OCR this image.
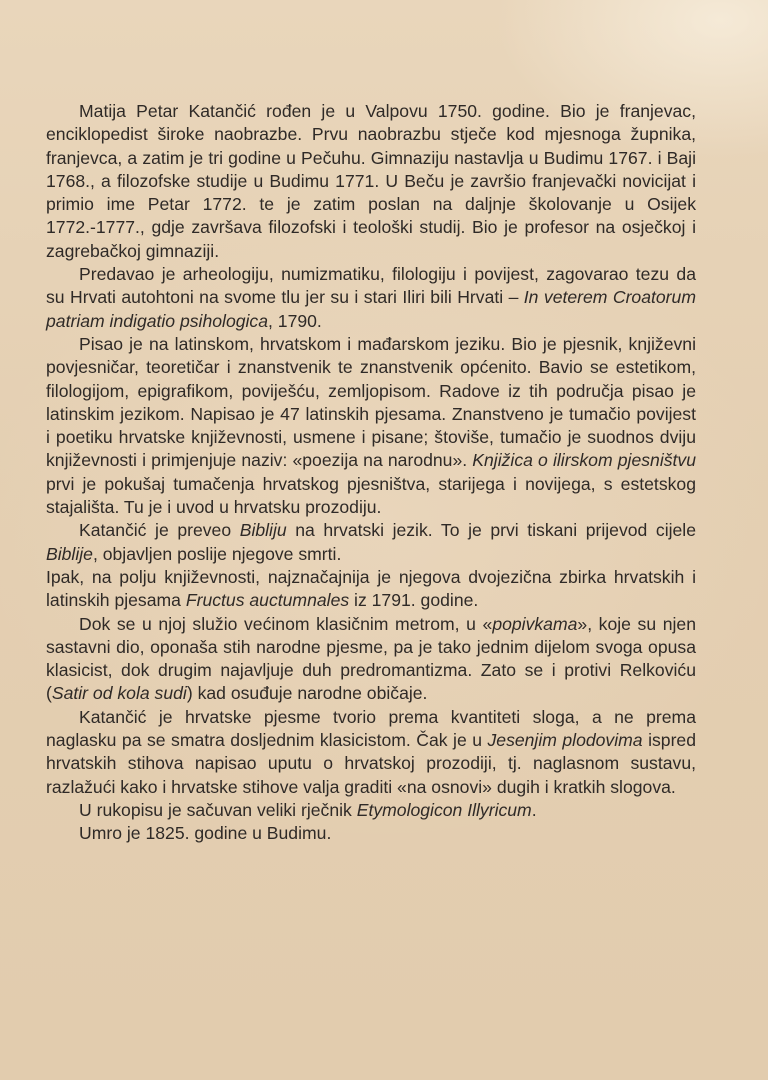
Matija Petar Katančić rođen je u Valpovu 1750. godine. Bio je franjevac, enciklopedist široke naobrazbe. Prvu naobrazbu stječe kod mjesnoga župnika, franjevca, a zatim je tri godine u Pečuhu. Gimnaziju nastavlja u Budimu 1767. i Baji 1768., a filozofske studije u Budimu 1771. U Beču je završio franjevački novicijat i primio ime Petar 1772. te je zatim poslan na daljnje školovanje u Osijek 1772.-1777., gdje završava filozofski i teološki studij. Bio je profesor na osječkoj i zagrebačkoj gimnaziji.

Predavao je arheologiju, numizmatiku, filologiju i povijest, zagovarao tezu da su Hrvati autohtoni na svome tlu jer su i stari Iliri bili Hrvati – In veterem Croatorum patriam indigatio psihologica, 1790.

Pisao je na latinskom, hrvatskom i mađarskom jeziku. Bio je pjesnik, književni povjesničar, teoretičar i znanstvenik te znanstvenik općenito. Bavio se estetikom, filologijom, epigrafikom, poviješću, zemljopisom. Radove iz tih područja pisao je latinskim jezikom. Napisao je 47 latinskih pjesama. Znanstveno je tumačio povijest i poetiku hrvatske književnosti, usmene i pisane; štoviše, tumačio je suodnos dviju književnosti i primjenjuje naziv: «poezija na narodnu». Knjižica o ilirskom pjesništvu prvi je pokušaj tumačenja hrvatskog pjesništva, starijega i novijega, s estetskog stajališta. Tu je i uvod u hrvatsku prozodiju.

Katančić je preveo Bibliju na hrvatski jezik. To je prvi tiskani prijevod cijele Biblije, objavljen poslije njegove smrti.

Ipak, na polju književnosti, najznačajnija je njegova dvojezična zbirka hrvatskih i latinskih pjesama Fructus auctumnales iz 1791. godine.

Dok se u njoj služio većinom klasičnim metrom, u «popivkama», koje su njen sastavni dio, oponaša stih narodne pjesme, pa je tako jednim dijelom svoga opusa klasicist, dok drugim najavljuje duh predromantizma. Zato se i protivi Relkoviću (Satir od kola sudi) kad osuđuje narodne običaje.

Katančić je hrvatske pjesme tvorio prema kvantiteti sloga, a ne prema naglasku pa se smatra dosljednim klasicistom. Čak je u Jesenjim plodovima ispred hrvatskih stihova napisao uputu o hrvatskoj prozodiji, tj. naglasnom sustavu, razlažući kako i hrvatske stihove valja graditi «na osnovi» dugih i kratkih slogova.

U rukopisu je sačuvan veliki rječnik Etymologicon Illyricum.

Umro je 1825. godine u Budimu.
